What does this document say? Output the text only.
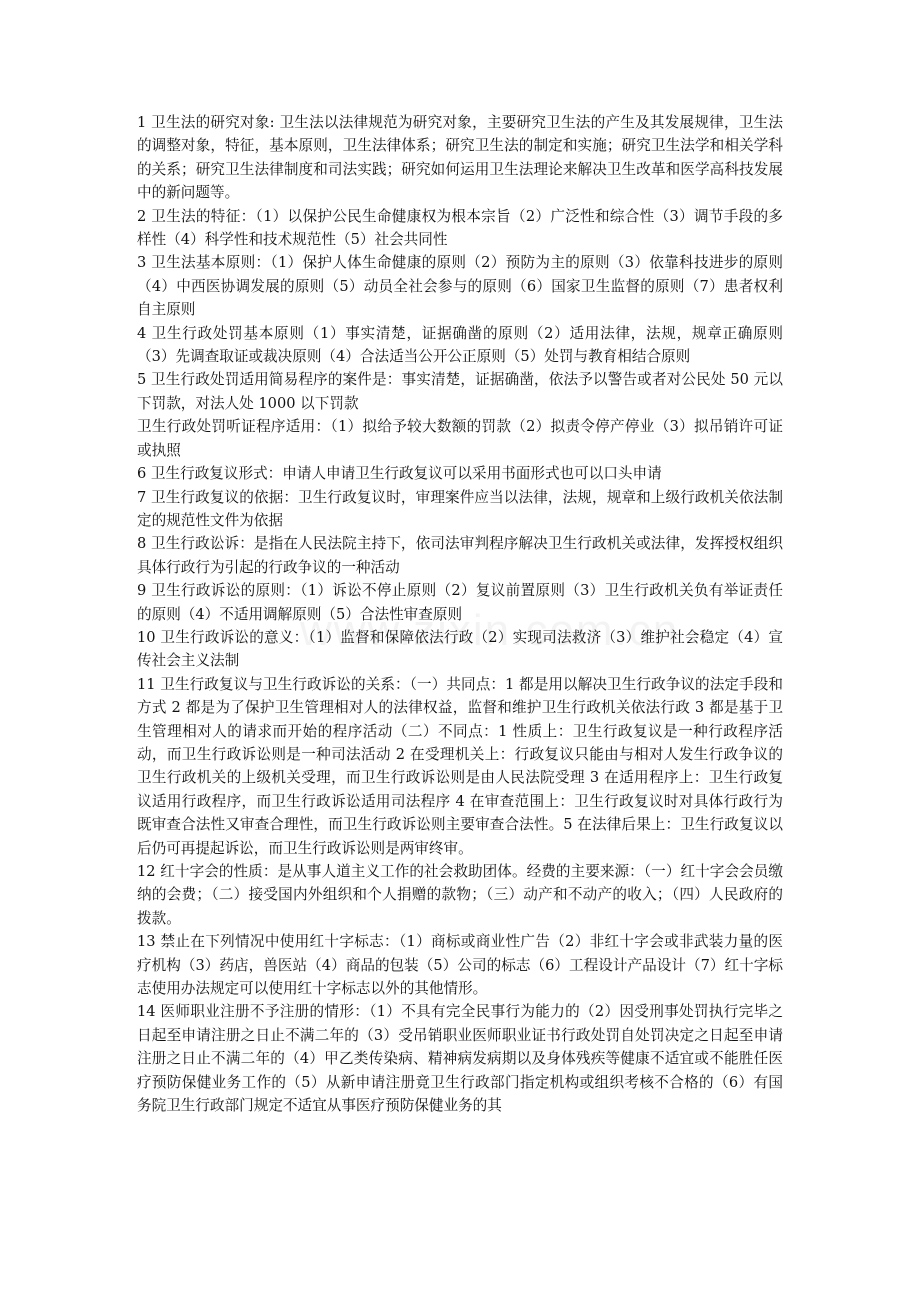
1 卫生法的研究对象: 卫生法以法律规范为研究对象，主要研究卫生法的产生及其发展规律，卫生法的调整对象，特征，基本原则，卫生法律体系；研究卫生法的制定和实施；研究卫生法学和相关学科的关系；研究卫生法律制度和司法实践；研究如何运用卫生法理论来解决卫生改革和医学高科技发展中的新问题等。

2 卫生法的特征：（1）以保护公民生命健康权为根本宗旨（2）广泛性和综合性（3）调节手段的多样性（4）科学性和技术规范性（5）社会共同性

3 卫生法基本原则：（1）保护人体生命健康的原则（2）预防为主的原则（3）依靠科技进步的原则（4）中西医协调发展的原则（5）动员全社会参与的原则（6）国家卫生监督的原则（7）患者权利自主原则

4 卫生行政处罚基本原则（1）事实清楚，证据确凿的原则（2）适用法律，法规，规章正确原则（3）先调查取证或裁决原则（4）合法适当公开公正原则（5）处罚与教育相结合原则

5 卫生行政处罚适用简易程序的案件是：事实清楚，证据确凿，依法予以警告或者对公民处 50 元以下罚款，对法人处 1000 以下罚款

卫生行政处罚听证程序适用：（1）拟给予较大数额的罚款（2）拟责令停产停业（3）拟吊销许可证或执照

6 卫生行政复议形式：申请人申请卫生行政复议可以采用书面形式也可以口头申请

7 卫生行政复议的依据：卫生行政复议时，审理案件应当以法律，法规，规章和上级行政机关依法制定的规范性文件为依据

8 卫生行政讼诉：是指在人民法院主持下，依司法审判程序解决卫生行政机关或法律，发挥授权组织具体行政行为引起的行政争议的一种活动

9 卫生行政诉讼的原则：（1）诉讼不停止原则（2）复议前置原则（3）卫生行政机关负有举证责任的原则（4）不适用调解原则（5）合法性审查原则

10 卫生行政诉讼的意义：（1）监督和保障依法行政（2）实现司法救济（3）维护社会稳定（4）宣传社会主义法制

11 卫生行政复议与卫生行政诉讼的关系：（一）共同点：1 都是用以解决卫生行政争议的法定手段和方式 2 都是为了保护卫生管理相对人的法律权益，监督和维护卫生行政机关依法行政 3 都是基于卫生管理相对人的请求而开始的程序活动（二）不同点：1 性质上：卫生行政复议是一种行政程序活动，而卫生行政诉讼则是一种司法活动 2 在受理机关上：行政复议只能由与相对人发生行政争议的卫生行政机关的上级机关受理，而卫生行政诉讼则是由人民法院受理 3 在适用程序上：卫生行政复议适用行政程序，而卫生行政诉讼适用司法程序 4 在审查范围上：卫生行政复议时对具体行政行为既审查合法性又审查合理性，而卫生行政诉讼则主要审查合法性。5 在法律后果上：卫生行政复议以后仍可再提起诉讼，而卫生行政诉讼则是两审终审。

12 红十字会的性质：是从事人道主义工作的社会救助团体。经费的主要来源：（一）红十字会会员缴纳的会费；（二）接受国内外组织和个人捐赠的款物；（三）动产和不动产的收入；（四）人民政府的拨款。

13 禁止在下列情况中使用红十字标志：（1）商标或商业性广告（2）非红十字会或非武装力量的医疗机构（3）药店，兽医站（4）商品的包装（5）公司的标志（6）工程设计产品设计（7）红十字标志使用办法规定可以使用红十字标志以外的其他情形。

14 医师职业注册不予注册的情形：（1）不具有完全民事行为能力的（2）因受刑事处罚执行完毕之日起至申请注册之日止不满二年的（3）受吊销职业医师职业证书行政处罚自处罚决定之日起至申请注册之日止不满二年的（4）甲乙类传染病、精神病发病期以及身体残疾等健康不适宜或不能胜任医疗预防保健业务工作的（5）从新申请注册竟卫生行政部门指定机构或组织考核不合格的（6）有国务院卫生行政部门规定不适宜从事医疗预防保健业务的其
